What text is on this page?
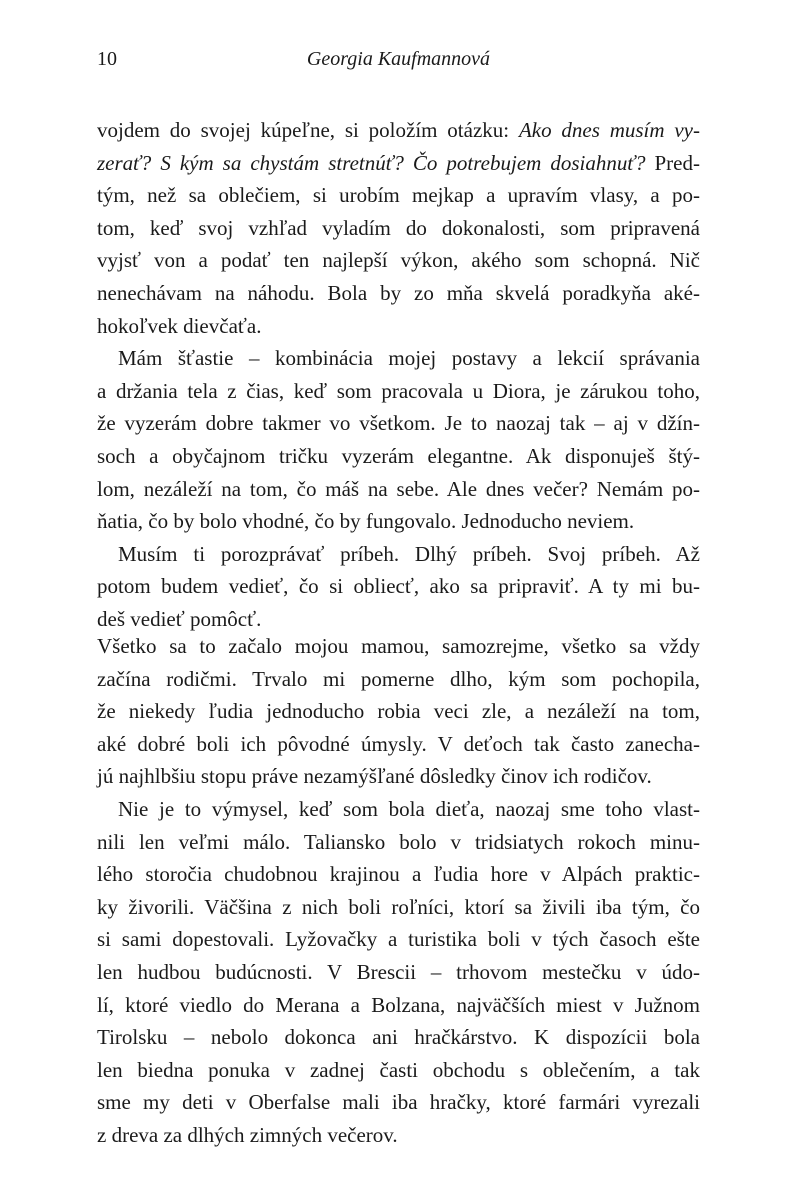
10	Georgia Kaufmannová
vojdem do svojej kúpeľne, si položím otázku: Ako dnes musím vy-
zerať? S kým sa chystám stretnúť? Čo potrebujem dosiahnuť? Pred-
tým, než sa oblečiem, si urobím mejkap a upravím vlasy, a po-
tom, keď svoj vzhľad vyladím do dokonalosti, som pripravená
vyjsť von a podať ten najlepší výkon, akého som schopná. Nič
nenechávam na náhodu. Bola by zo mňa skvelá poradkyňa aké-
hokoľvek dievčaťa.
Mám šťastie – kombinácia mojej postavy a lekcií správania
a držania tela z čias, keď som pracovala u Diora, je zárukou toho,
že vyzerám dobre takmer vo všetkom. Je to naozaj tak – aj v džín-
soch a obyčajnom tričku vyzerám elegantne. Ak disponuješ štý-
lom, nezáleží na tom, čo máš na sebe. Ale dnes večer? Nemám po-
ňatia, čo by bolo vhodné, čo by fungovalo. Jednoducho neviem.
Musím ti porozprávať príbeh. Dlhý príbeh. Svoj príbeh. Až
potom budem vedieť, čo si obliecť, ako sa pripraviť. A ty mi bu-
deš vedieť pomôcť.
Všetko sa to začalo mojou mamou, samozrejme, všetko sa vždy
začína rodičmi. Trvalo mi pomerne dlho, kým som pochopila,
že niekedy ľudia jednoducho robia veci zle, a nezáleží na tom,
aké dobré boli ich pôvodné úmysly. V deťoch tak často zanecha-
jú najhlbšiu stopu práve nezamýšľané dôsledky činov ich rodičov.
Nie je to výmysel, keď som bola dieťa, naozaj sme toho vlast-
nili len veľmi málo. Taliansko bolo v tridsiatych rokoch minu-
lého storočia chudobnou krajinou a ľudia hore v Alpách praktic-
ky živorili. Väčšina z nich boli roľníci, ktorí sa živili iba tým, čo
si sami dopestovali. Lyžovačky a turistika boli v tých časoch ešte
len hudbou budúcnosti. V Brescii – trhovom mestečku v údo-
lí, ktoré viedlo do Merana a Bolzana, najväčších miest v Južnom
Tirolsku – nebolo dokonca ani hračkárstvo. K dispozícii bola
len biedna ponuka v zadnej časti obchodu s oblečením, a tak
sme my deti v Oberfalse mali iba hračky, ktoré farmári vyrezali
z dreva za dlhých zimných večerov.
